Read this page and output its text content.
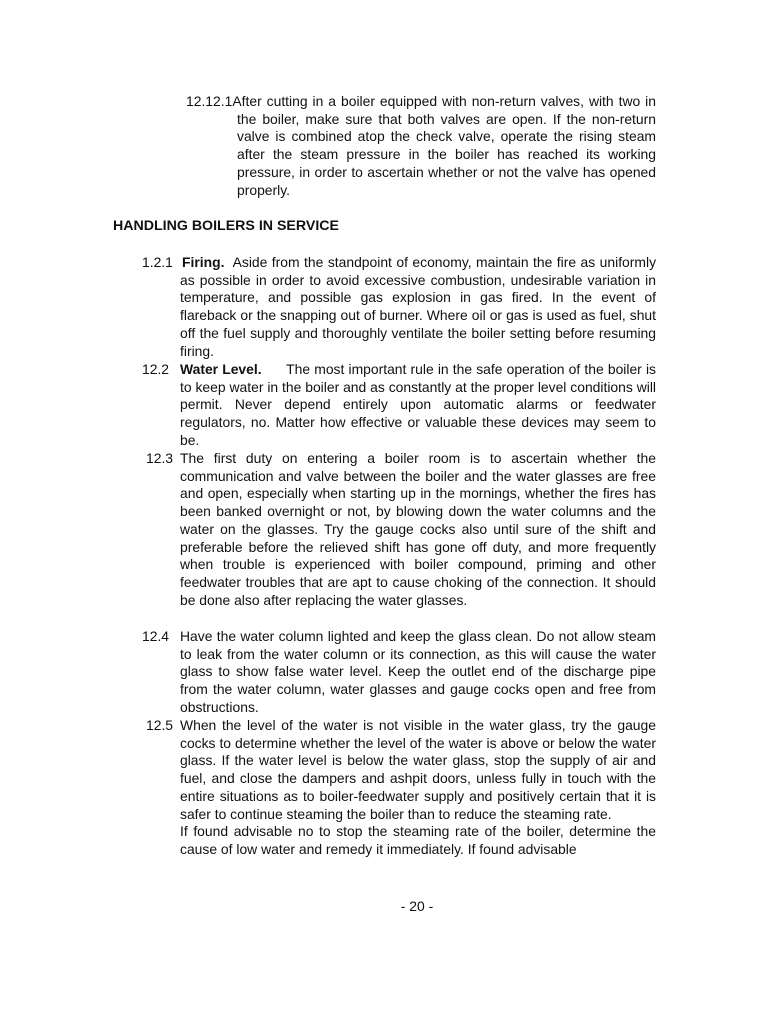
12.12.1After cutting in a boiler equipped with non-return valves, with two in the boiler, make sure that both valves are open. If the non-return valve is combined atop the check valve, operate the rising steam after the steam pressure in the boiler has reached its working pressure, in order to ascertain whether or not the valve has opened properly.

HANDLING BOILERS IN SERVICE
1.2.1 Firing. Aside from the standpoint of economy, maintain the fire as uniformly as possible in order to avoid excessive combustion, undesirable variation in temperature, and possible gas explosion in gas fired. In the event of flareback or the snapping out of burner. Where oil or gas is used as fuel, shut off the fuel supply and thoroughly ventilate the boiler setting before resuming firing.

12.2 Water Level. The most important rule in the safe operation of the boiler is to keep water in the boiler and as constantly at the proper level conditions will permit. Never depend entirely upon automatic alarms or feedwater regulators, no. Matter how effective or valuable these devices may seem to be.

12.3 The first duty on entering a boiler room is to ascertain whether the communication and valve between the boiler and the water glasses are free and open, especially when starting up in the mornings, whether the fires has been banked overnight or not, by blowing down the water columns and the water on the glasses. Try the gauge cocks also until sure of the shift and preferable before the relieved shift has gone off duty, and more frequently when trouble is experienced with boiler compound, priming and other feedwater troubles that are apt to cause choking of the connection. It should be done also after replacing the water glasses.

12.4 Have the water column lighted and keep the glass clean. Do not allow steam to leak from the water column or its connection, as this will cause the water glass to show false water level. Keep the outlet end of the discharge pipe from the water column, water glasses and gauge cocks open and free from obstructions.

12.5 When the level of the water is not visible in the water glass, try the gauge cocks to determine whether the level of the water is above or below the water glass. If the water level is below the water glass, stop the supply of air and fuel, and close the dampers and ashpit doors, unless fully in touch with the entire situations as to boiler-feedwater supply and positively certain that it is safer to continue steaming the boiler than to reduce the steaming rate.

If found advisable no to stop the steaming rate of the boiler, determine the cause of low water and remedy it immediately. If found advisable

- 20 -
